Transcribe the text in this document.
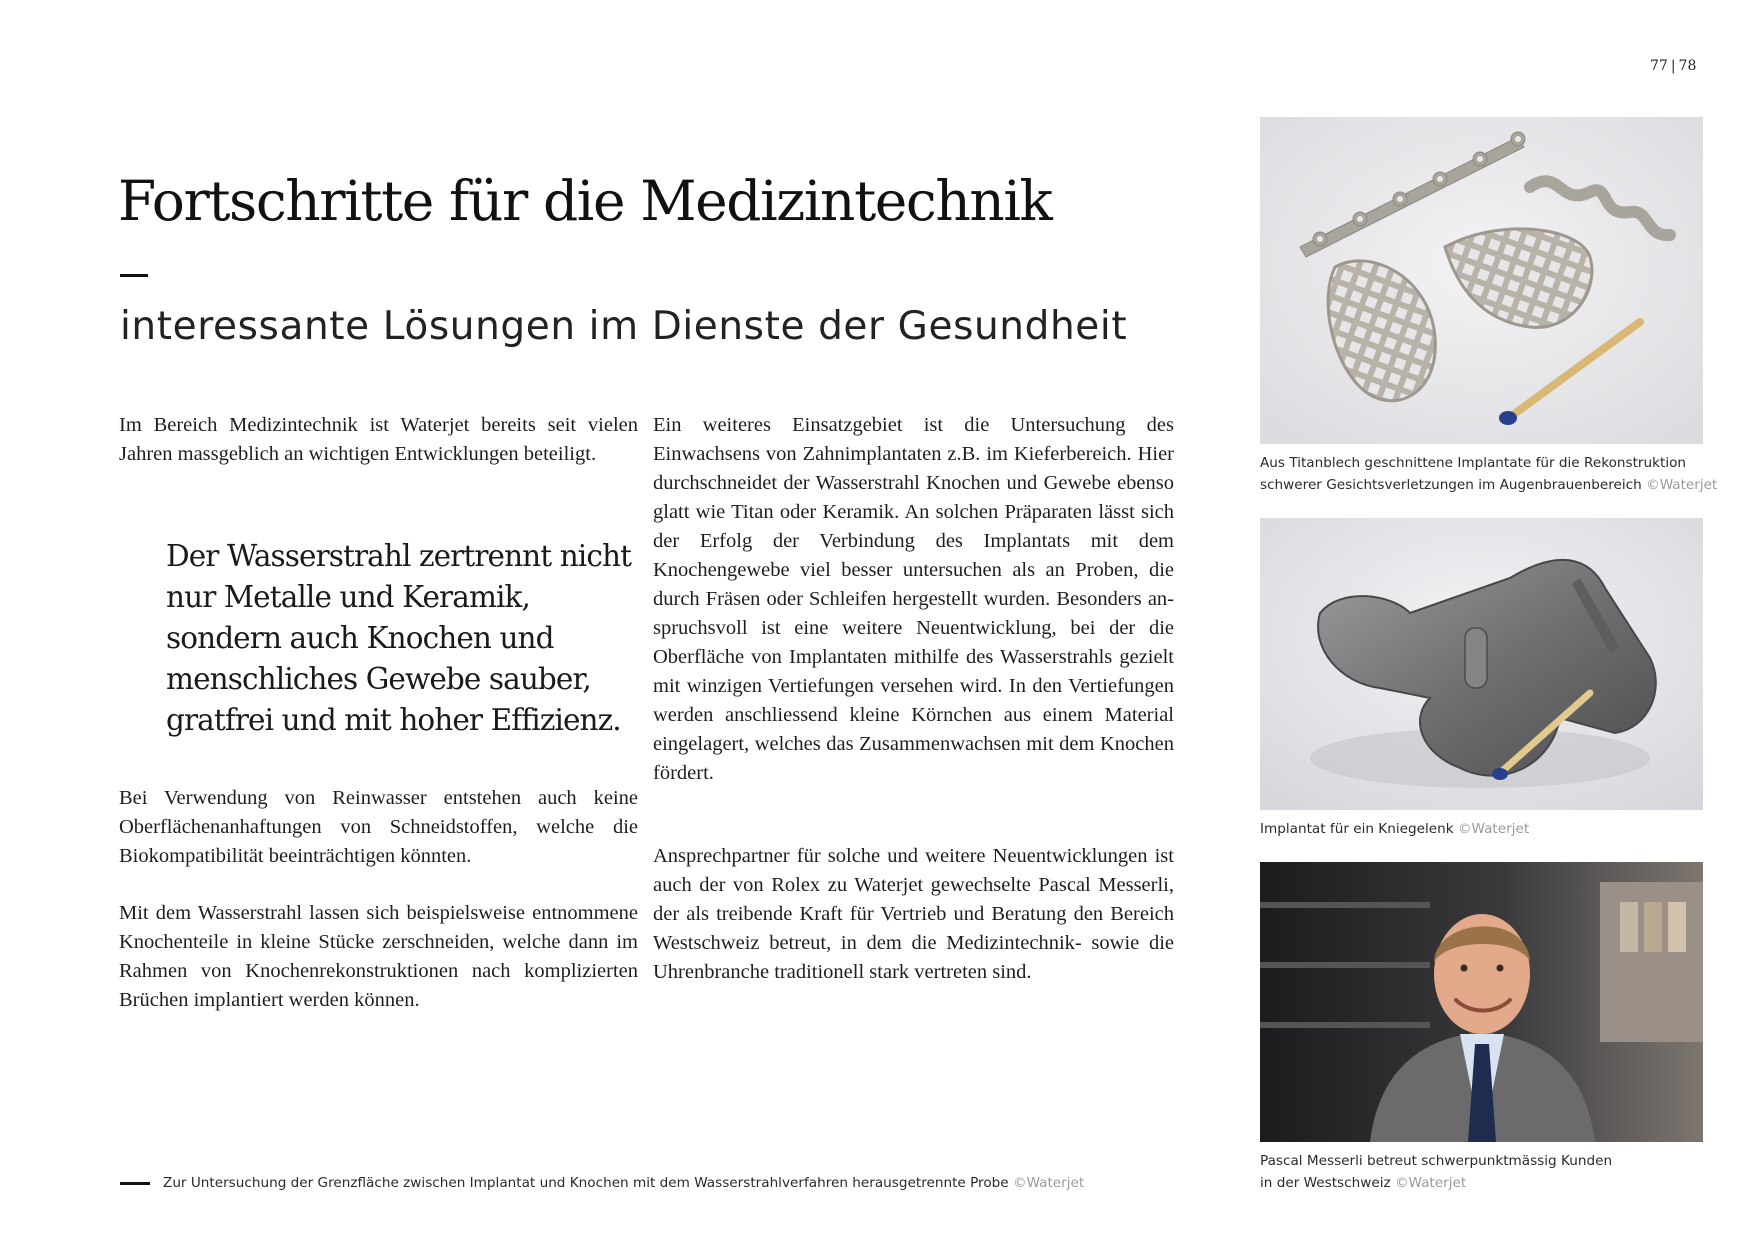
77 | 78
Fortschritte für die Medizintechnik
interessante Lösungen im Dienste der Gesundheit

Im Bereich Medizintechnik ist Waterjet bereits seit vielen Jahren massgeblich an wichtigen Entwicklungen beteiligt.

Der Wasserstrahl zertrennt nicht nur Metalle und Keramik, sondern auch Knochen und menschliches Gewebe sauber, gratfrei und mit hoher Effizienz.

Bei Verwendung von Reinwasser entstehen auch keine Oberflächenanhaftungen von Schneidstoffen, welche die Biokompatibilität beeinträchtigen könnten.

Mit dem Wasserstrahl lassen sich beispielsweise entnommene Knochenteile in kleine Stücke zerschneiden, welche dann im Rahmen von Knochenrekonstruktionen nach komplizierten Brüchen implantiert werden können.

Ein weiteres Einsatzgebiet ist die Untersuchung des Einwachsens von Zahnimplantaten z.B. im Kieferbereich. Hier durchschneidet der Wasserstrahl Knochen und Gewebe ebenso glatt wie Titan oder Keramik. An solchen Präparaten lässt sich der Erfolg der Verbindung des Implantats mit dem Knochengewebe viel besser untersuchen als an Proben, die durch Fräsen oder Schleifen hergestellt wurden. Besonders anspruchsvoll ist eine weitere Neuentwicklung, bei der die Oberfläche von Implantaten mithilfe des Wasserstrahls gezielt mit winzigen Vertiefungen versehen wird. In den Vertiefungen werden anschliessend kleine Körnchen aus einem Material eingelagert, welches das Zusammenwachsen mit dem Knochen fördert.

Ansprechpartner für solche und weitere Neuentwicklungen ist auch der von Rolex zu Waterjet gewechselte Pascal Messerli, der als treibende Kraft für Vertrieb und Beratung den Bereich Westschweiz betreut, in dem die Medizintechnik- sowie die Uhrenbranche traditionell stark vertreten sind.

Zur Untersuchung der Grenzfläche zwischen Implantat und Knochen mit dem Wasserstrahlverfahren herausgetrennte Probe ©Waterjet

Aus Titanblech geschnittene Implantate für die Rekonstruktion
schwerer Gesichtsverletzungen im Augenbrauenbereich ©Waterjet

Implantat für ein Kniegelenk ©Waterjet

Pascal Messerli betreut schwerpunktmässig Kunden
in der Westschweiz ©Waterjet
